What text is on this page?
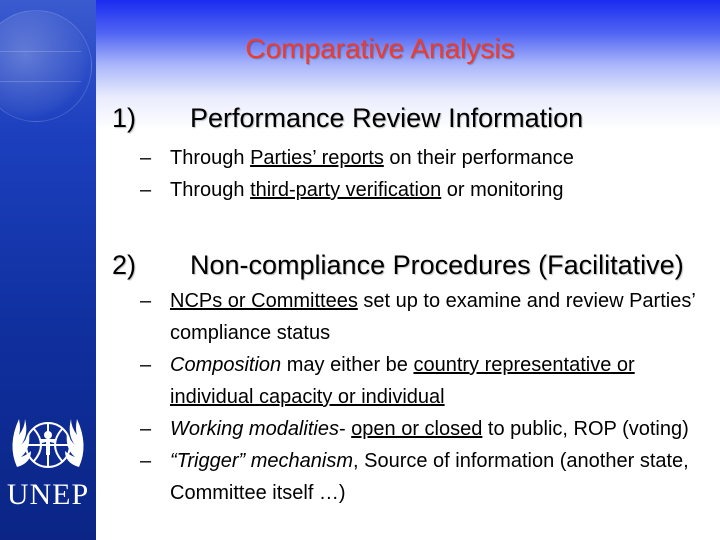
UNEP
Comparative Analysis
1) Performance Review Information
– Through Parties’ reports on their performance
– Through third-party verification or monitoring
2) Non-compliance Procedures (Facilitative)
– NCPs or Committees set up to examine and review Parties’ compliance status
– Composition may either be country representative or individual capacity or individual
– Working modalities- open or closed to public, ROP (voting)
– “Trigger” mechanism, Source of information (another state, Committee itself …)
